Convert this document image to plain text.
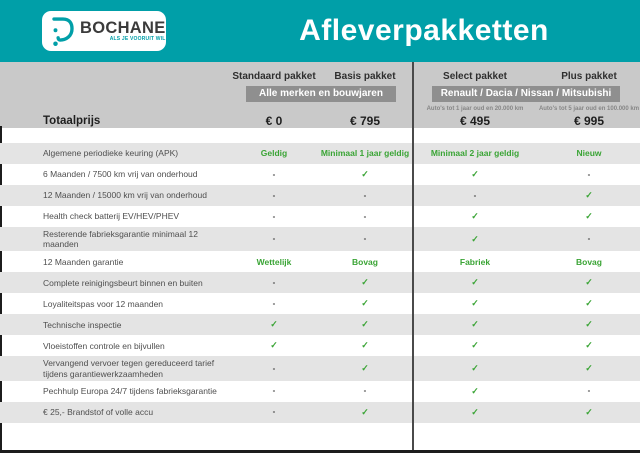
BOCHANE
ALS JE VOORUIT WIL	Afleverpakketten
Standaard pakket	Basis pakket	Select pakket	Plus pakket
Alle merken en bouwjaren	Renault / Dacia / Nissan / Mitsubishi
Auto's tot 1 jaar oud en 20.000 km	Auto's tot 5 jaar oud en 100.000 km
Totaalprijs	€ 0	€ 795	€ 495	€ 995
Algemene periodieke keuring (APK)	Geldig	Minimaal 1 jaar geldig	Minimaal 2 jaar geldig	Nieuw
6 Maanden / 7500 km vrij van onderhoud	-	✓	✓	-
12 Maanden / 15000 km vrij van onderhoud	-	-	-	✓
Health check batterij EV/HEV/PHEV	-	-	✓	✓
Resterende fabrieksgarantie minimaal 12 maanden
-	-	✓	-
12 Maanden garantie	Wettelijk	Bovag	Fabriek	Bovag
Complete reinigingsbeurt binnen en buiten	-	✓	✓	✓
Loyaliteitspas voor 12 maanden	-	✓	✓	✓
Technische inspectie	✓	✓	✓	✓
Vloeistoffen controle en bijvullen	✓	✓	✓	✓
Vervangend vervoer tegen gereduceerd tarief tijdens garantiewerkzaamheden
-	✓	✓	✓
Pechhulp Europa 24/7 tijdens fabrieksgarantie	-	-	✓	-
€ 25,- Brandstof of volle accu	-	✓	✓	✓
